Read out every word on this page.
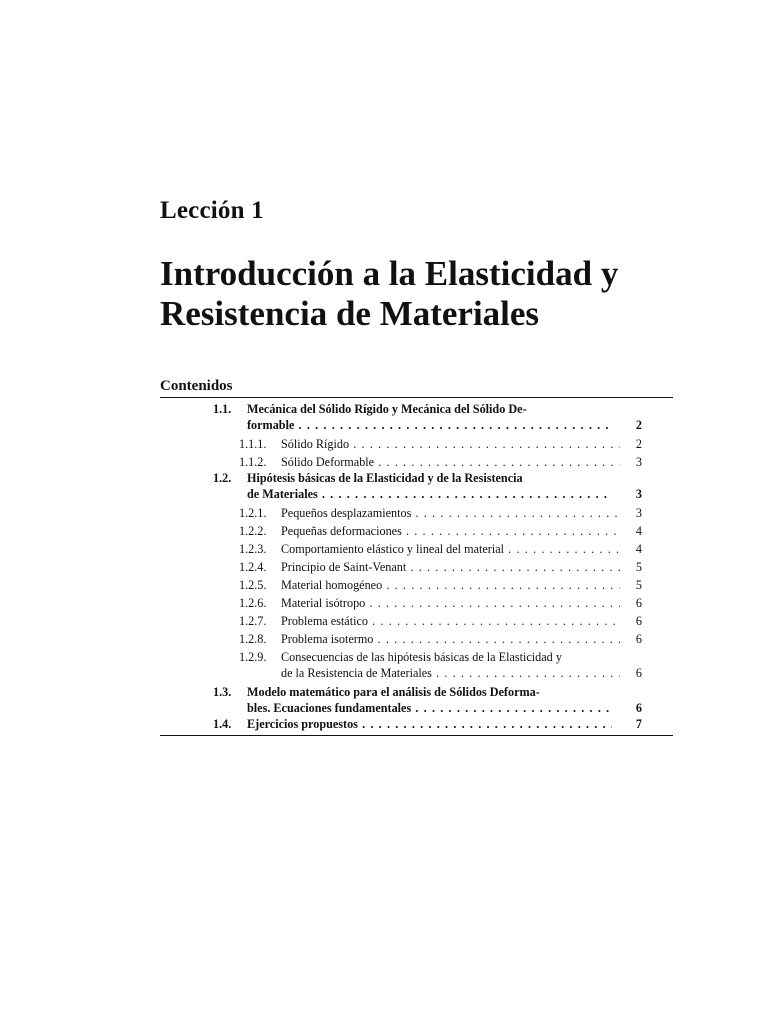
Lección 1
Introducción a la Elasticidad y
Resistencia de Materiales
Contenidos
1.1. Mecánica del Sólido Rígido y Mecánica del Sólido De-
formable . . .	2
1.1.1. Sólido Rígido . . .	2
1.1.2. Sólido Deformable . . .	3
1.2. Hipótesis básicas de la Elasticidad y de la Resistencia
de Materiales . . .	3
1.2.1. Pequeños desplazamientos . . .	3
1.2.2. Pequeñas deformaciones . . .	4
1.2.3. Comportamiento elástico y lineal del material . . .	4
1.2.4. Principio de Saint-Venant . . .	5
1.2.5. Material homogéneo . . .	5
1.2.6. Material isótropo . . .	6
1.2.7. Problema estático . . .	6
1.2.8. Problema isotermo . . .	6
1.2.9. Consecuencias de las hipótesis básicas de la Elasticidad y
de la Resistencia de Materiales . . .	6
1.3. Modelo matemático para el análisis de Sólidos Deforma-
bles. Ecuaciones fundamentales . . .	6
1.4. Ejercicios propuestos . . .	7
